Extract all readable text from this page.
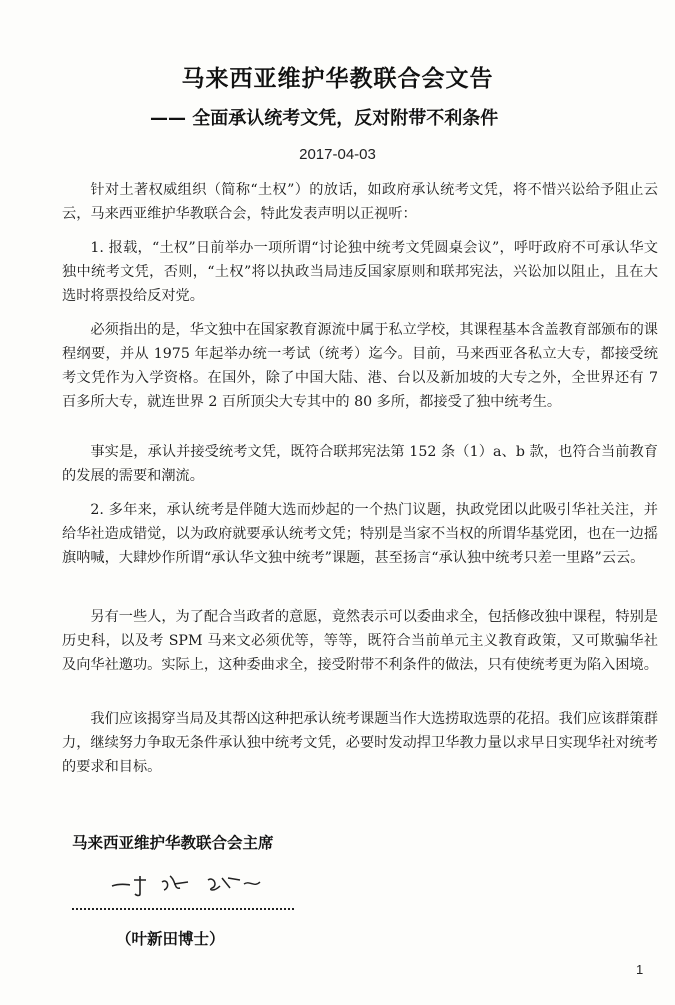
马来西亚维护华教联合会文告
—— 全面承认统考文凭，反对附带不利条件
2017-04-03

针对土著权威组织（简称“土权”）的放话，如政府承认统考文凭，将不惜兴讼给予阻止云云，马来西亚维护华教联合会，特此发表声明以正视听：

1. 报载，“土权”日前举办一项所谓“讨论独中统考文凭圆桌会议”，呼吁政府不可承认华文独中统考文凭，否则，“土权”将以执政当局违反国家原则和联邦宪法，兴讼加以阻止，且在大选时将票投给反对党。

必须指出的是，华文独中在国家教育源流中属于私立学校，其课程基本含盖教育部颁布的课程纲要，并从 1975 年起举办统一考试（统考）迄今。目前，马来西亚各私立大专，都接受统考文凭作为入学资格。在国外，除了中国大陆、港、台以及新加坡的大专之外，全世界还有 7 百多所大专，就连世界 2 百所顶尖大专其中的 80 多所，都接受了独中统考生。

事实是，承认并接受统考文凭，既符合联邦宪法第 152 条（1）a、b 款，也符合当前教育的发展的需要和潮流。

2. 多年来，承认统考是伴随大选而炒起的一个热门议题，执政党团以此吸引华社关注，并给华社造成错觉，以为政府就要承认统考文凭；特别是当家不当权的所谓华基党团，也在一边摇旗呐喊，大肆炒作所谓“承认华文独中统考”课题，甚至扬言“承认独中统考只差一里路”云云。

另有一些人，为了配合当政者的意愿，竟然表示可以委曲求全，包括修改独中课程，特别是历史科，以及考 SPM 马来文必须优等，等等，既符合当前单元主义教育政策，又可欺骗华社及向华社邀功。实际上，这种委曲求全，接受附带不利条件的做法，只有使统考更为陷入困境。

我们应该揭穿当局及其帮凶这种把承认统考课题当作大选捞取选票的花招。我们应该群策群力，继续努力争取无条件承认独中统考文凭，必要时发动捍卫华教力量以求早日实现华社对统考的要求和目标。

马来西亚维护华教联合会主席
（叶新田博士）
1
